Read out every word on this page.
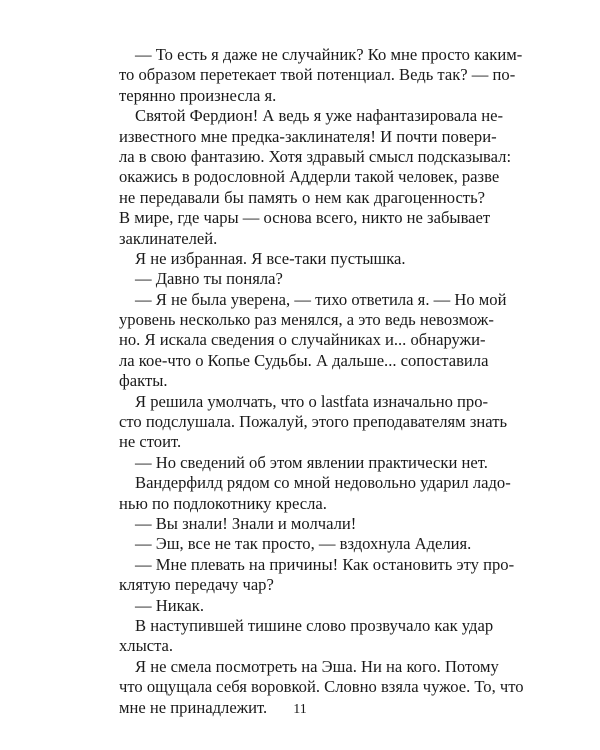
— То есть я даже не случайник? Ко мне просто каким-
то образом перетекает твой потенциал. Ведь так? — по-
терянно произнесла я.
Святой Фердион! А ведь я уже нафантазировала не-
известного мне предка-заклинателя! И почти повери-
ла в свою фантазию. Хотя здравый смысл подсказывал:
окажись в родословной Аддерли такой человек, разве
не передавали бы память о нем как драгоценность?
В мире, где чары — основа всего, никто не забывает
заклинателей.
Я не избранная. Я все-таки пустышка.
— Давно ты поняла?
— Я не была уверена, — тихо ответила я. — Но мой
уровень несколько раз менялся, а это ведь невозмож-
но. Я искала сведения о случайниках и... обнаружи-
ла кое-что о Копье Судьбы. А дальше... сопоставила
факты.
Я решила умолчать, что о lastfata изначально про-
сто подслушала. Пожалуй, этого преподавателям знать
не стоит.
— Но сведений об этом явлении практически нет.
Вандерфилд рядом со мной недовольно ударил ладо-
нью по подлокотнику кресла.
— Вы знали! Знали и молчали!
— Эш, все не так просто, — вздохнула Аделия.
— Мне плевать на причины! Как остановить эту про-
клятую передачу чар?
— Никак.
В наступившей тишине слово прозвучало как удар
хлыста.
Я не смела посмотреть на Эша. Ни на кого. Потому
что ощущала себя воровкой. Словно взяла чужое. То, что
мне не принадлежит.	11
